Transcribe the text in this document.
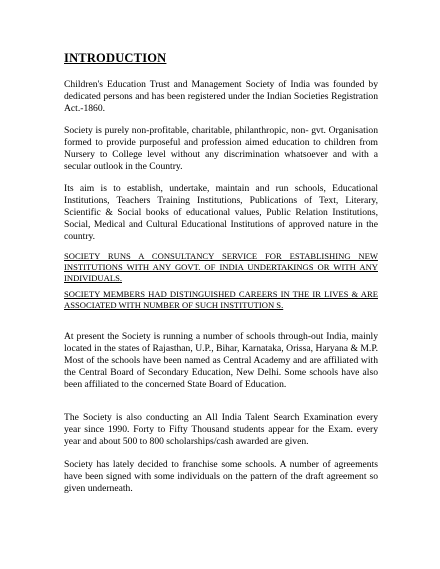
INTRODUCTION
Children's Education Trust and Management Society of India was founded by dedicated persons and has been registered under the Indian Societies Registration Act.-1860.
Society is purely non-profitable, charitable, philanthropic, non- gvt. Organisation formed to provide purposeful and profession aimed education to children from Nursery to College level without any discrimination whatsoever and with a secular outlook in the Country.
Its aim is to establish, undertake, maintain and run schools, Educational Institutions, Teachers Training Institutions, Publications of Text, Literary, Scientific & Social books of educational values, Public Relation Institutions, Social, Medical and Cultural Educational Institutions of approved nature in the country.
SOCIETY RUNS A CONSULTANCY SERVICE FOR ESTABLISHING NEW INSTITUTIONS WITH ANY GOVT. OF INDIA UNDERTAKINGS OR WITH ANY INDIVIDUALS.
SOCIETY MEMBERS HAD DISTINGUISHED CAREERS IN THE IR LIVES & ARE ASSOCIATED WITH NUMBER OF SUCH INSTITUTION S.
At present the Society is running a number of schools through-out India, mainly located in the states of Rajasthan, U.P., Bihar, Karnataka, Orissa, Haryana & M.P. Most of the schools have been named as Central Academy and are affiliated with the Central Board of Secondary Education, New Delhi. Some schools have also been affiliated to the concerned State Board of Education.
The Society is also conducting an All India Talent Search Examination every year since 1990. Forty to Fifty Thousand students appear for the Exam. every year and about 500 to 800 scholarships/cash awarded are given.
Society has lately decided to franchise some schools. A number of agreements have been signed with some individuals on the pattern of the draft agreement so given underneath.
